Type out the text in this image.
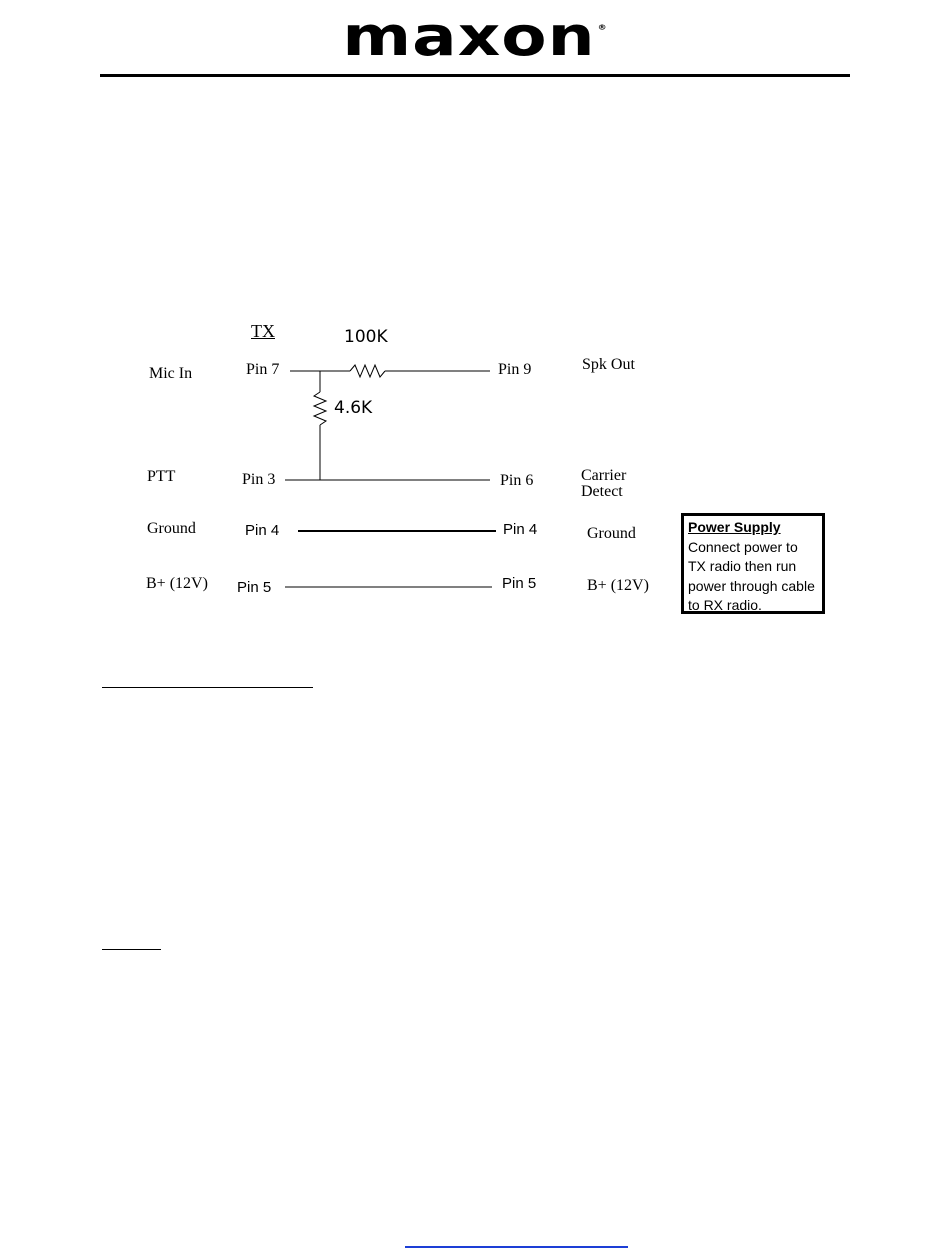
maxon ®
TX	100K
4.6K
Mic In	Pin 7	Pin 9	Spk Out
PTT	Pin 3	Pin 6	Carrier
Detect
Ground	Pin 4	Pin 4	Ground
B+ (12V) Pin 5	Pin 5	B+ (12V)
Power Supply
Connect power to
TX radio then run
power through cable
to RX radio.
